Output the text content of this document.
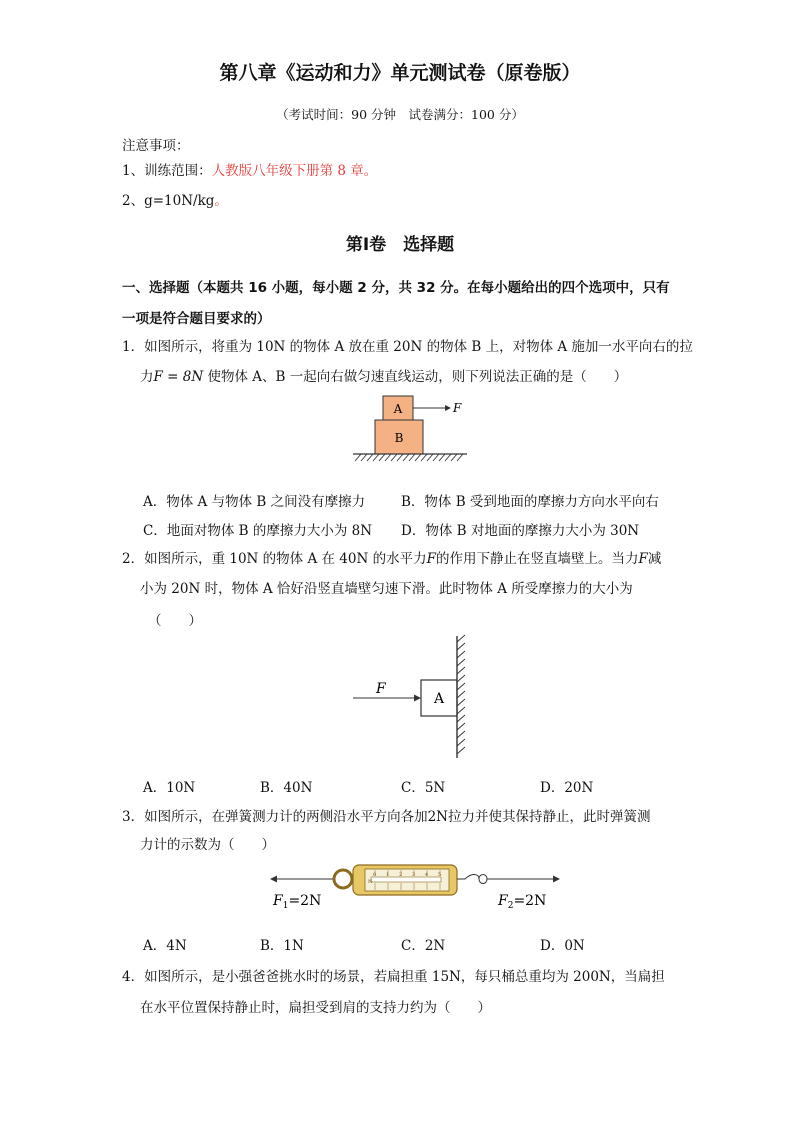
第八章《运动和力》单元测试卷（原卷版）
（考试时间：90 分钟　试卷满分：100 分）
注意事项：
1、训练范围：人教版八年级下册第 8 章。
2、g=10N/kg。
第Ⅰ卷　选择题
一、选择题（本题共 16 小题，每小题 2 分，共 32 分。在每小题给出的四个选项中，只有
一项是符合题目要求的）
1．如图所示，将重为 10N 的物体 A 放在重 20N 的物体 B 上，对物体 A 施加一水平向右的拉
力F = 8N 使物体 A、B 一起向右做匀速直线运动，则下列说法正确的是（　　）
A
B
F
A．物体 A 与物体 B 之间没有摩擦力	B．物体 B 受到地面的摩擦力方向水平向右
C．地面对物体 B 的摩擦力大小为 8N D．物体 B 对地面的摩擦力大小为 30N
2．如图所示，重 10N 的物体 A 在 40N 的水平力F的作用下静止在竖直墙壁上。当力F减
小为 20N 时，物体 A 恰好沿竖直墙壁匀速下滑。此时物体 A 所受摩擦力的大小为
（　　）
F
A
A．10N	B．40N	C．5N	D．20N
3．如图所示，在弹簧测力计的两侧沿水平方向各加2N拉力并使其保持静止，此时弹簧测
力计的示数为（　　）
N
0 1 2 3 4 5
$F_1=2N$	$F_2=2N$
A．4N	B．1N	C．2N	D．0N
4．如图所示，是小强爸爸挑水时的场景，若扁担重 15N，每只桶总重均为 200N，当扁担
在水平位置保持静止时，扁担受到肩的支持力约为（　　）
